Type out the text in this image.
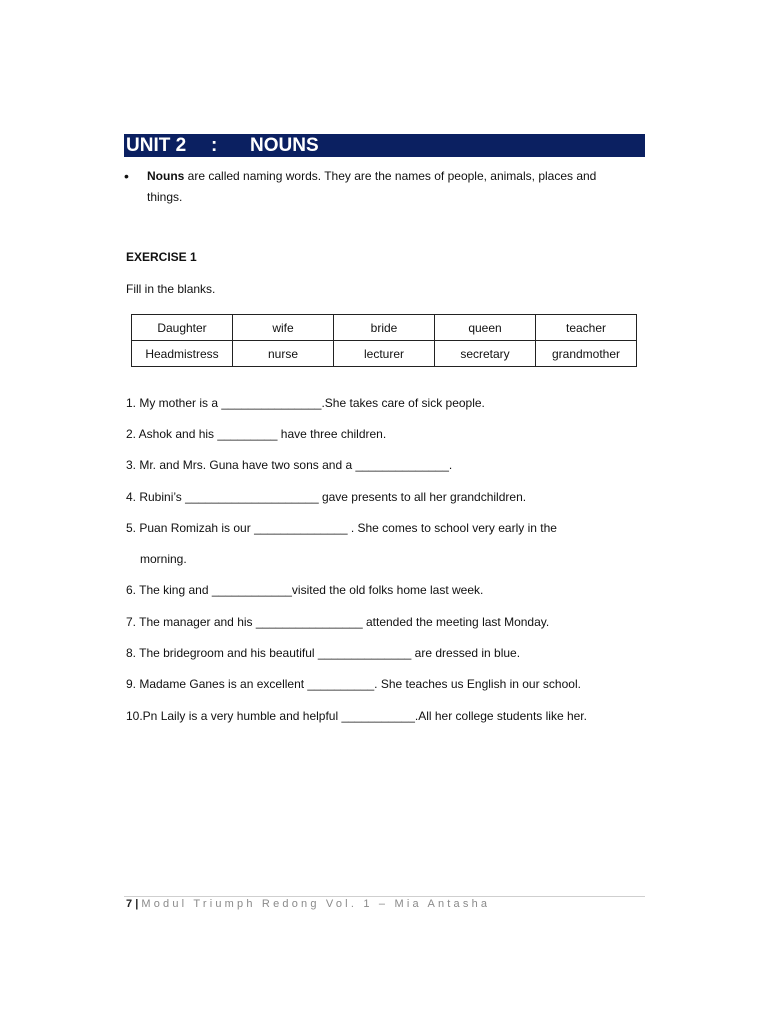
UNIT 2 : NOUNS
•	Nouns are called naming words. They are the names of people, animals, places and
things.
EXERCISE 1
Fill in the blanks.
Daughter	wife	bride	queen	teacher
Headmistress	nurse	lecturer	secretary	grandmother
1. My mother is a _______________.She takes care of sick people.
2. Ashok and his _________ have three children.
3. Mr. and Mrs. Guna have two sons and a ______________.
4. Rubini’s ____________________ gave presents to all her grandchildren.
5. Puan Romizah is our ______________ . She comes to school very early in the
morning.
6. The king and ____________visited the old folks home last week.
7. The manager and his ________________ attended the meeting last Monday.
8. The bridegroom and his beautiful ______________ are dressed in blue.
9. Madame Ganes is an excellent __________. She teaches us English in our school.
10.Pn Laily is a very humble and helpful ___________.All her college students like her.
7 | Modul Triumph Redong Vol. 1 – Mia Antasha
